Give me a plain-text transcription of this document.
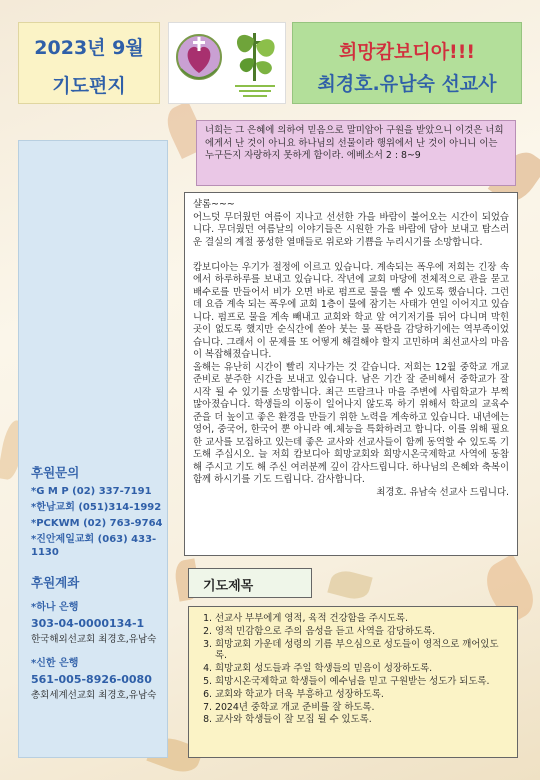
2023년 9월
기도편지
희망캄보디아!!!
최경호.유남숙 선교사
너희는 그 은혜에 의하여 믿음으로 말미암아 구원을 받았으니 이것은 너희에게서 난 것이 아니요 하나님의 선물이라 행위에서 난 것이 아니니 이는 누구든지 자랑하지 못하게 함이라. 에베소서 2 : 8~9
후원문의
*G M P (02) 337-7191
*한남교회 (051)314-1992
*PCKWM (02) 763-9764
*진안제일교회 (063) 433-1130
후원계좌
*하나 은행
303-04-0000134-1
한국해외선교회 최경호,유남숙
*신한 은행
561-005-8926-0080
총회세계선교회 최경호,유남숙

샬롬~~~

어느덧 무더웠던 여름이 지나고 선선한 가을 바람이 불어오는 시간이 되었습니다. 무더웠던 여름날의 이야기들은 시원한 가을 바람에 담아 보내고 탐스러운 결실의 계절 풍성한 열매들로 위로와 기쁨을 누리시기를 소망합니다.

캄보디아는 우기가 절정에 이르고 있습니다. 계속되는 폭우에 저희는 긴장 속에서 하루하루를 보내고 있습니다. 작년에 교회 마당에 전체적으로 관을 묻고 배수로를 만들어서 비가 오면 바로 펌프로 물을 뺄 수 있도록 했습니다. 그런데 요즘 계속 되는 폭우에 교회 1층이 물에 잠기는 사태가 연일 이어지고 있습니다. 펌프로 물을 계속 빼내고 교회와 학교 앞 여기저기를 뒤어 다니며 막힌 곳이 없도록 했지만 순식간에 쏟아 붓는 물 폭탄을 감당하기에는 역부족이었습니다. 그래서 이 문제를 또 어떻게 해결해야 할지 고민하며 최선교사의 마음이 복잡해졌습니다.

올해는 유난히 시간이 빨리 지나가는 것 같습니다. 저희는 12월 중학교 개교 준비로 분주한 시간을 보내고 있습니다. 남은 기간 잘 준비해서 중학교가 잘 시작 될 수 있기를 소망합니다. 최근 뜨람크나 마을 주변에 사립학교가 부쩍 많아졌습니다. 학생들의 이동이 일어나지 않도록 하기 위해서 학교의 교육수준을 더 높이고 좋은 환경을 만들기 위한 노력을 계속하고 있습니다. 내년에는 영어, 중국어, 한국어 뿐 아니라 예.체능을 특화하려고 합니다. 이를 위해 필요한 교사를 모집하고 있는데 좋은 교사와 선교사들이 함께 동역할 수 있도록 기도해 주십시오. 늘 저희 캄보디아 희망교회와 희망시온국제학교 사역에 동참해 주시고 기도 해 주신 여러분께 깊이 감사드립니다. 하나님의 은혜와 축복이 함께 하시기를 기도 드립니다. 감사합니다.

최경호. 유남숙 선교사 드립니다.

기도제목
1. 선교사 부부에게 영적, 육적 건강함을 주시도록.
2. 영적 민감함으로 주의 음성을 듣고 사역을 감당하도록.
3. 희망교회 가운데 성령의 기름 부으심으로 성도들이 영적으로 깨어있도록.
4. 희망교회 성도들과 주일 학생들의 믿음이 성장하도록.
5. 희망시온국제학교 학생들이 예수님을 믿고 구원받는 성도가 되도록.
6. 교회와 학교가 더욱 부흥하고 성장하도록.
7. 2024년 중학교 개교 준비를 잘 하도록.
8. 교사와 학생들이 잘 모집 될 수 있도록.
